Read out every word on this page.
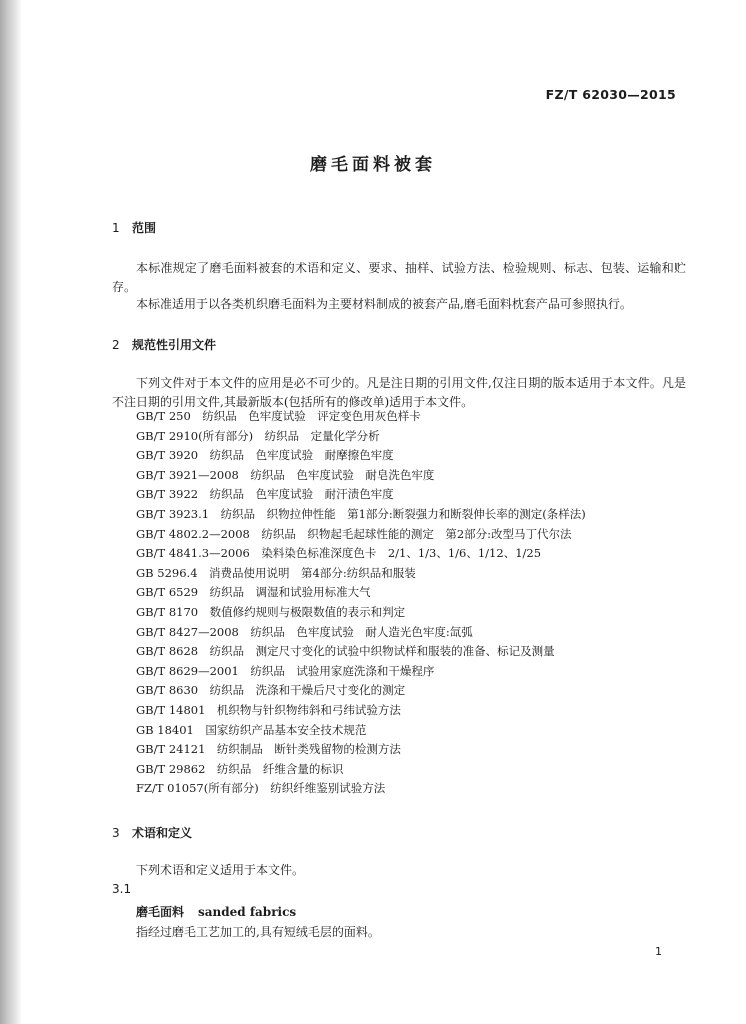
FZ/T 62030—2015
磨毛面料被套
1 范围
本标准规定了磨毛面料被套的术语和定义、要求、抽样、试验方法、检验规则、标志、包装、运输和贮存。
本标准适用于以各类机织磨毛面料为主要材料制成的被套产品,磨毛面料枕套产品可参照执行。
2 规范性引用文件
下列文件对于本文件的应用是必不可少的。凡是注日期的引用文件,仅注日期的版本适用于本文件。凡是不注日期的引用文件,其最新版本(包括所有的修改单)适用于本文件。
GB/T 250　纺织品　色牢度试验　评定变色用灰色样卡
GB/T 2910(所有部分)　纺织品　定量化学分析
GB/T 3920　纺织品　色牢度试验　耐摩擦色牢度
GB/T 3921—2008　纺织品　色牢度试验　耐皂洗色牢度
GB/T 3922　纺织品　色牢度试验　耐汗渍色牢度
GB/T 3923.1　纺织品　织物拉伸性能　第1部分:断裂强力和断裂伸长率的测定(条样法)
GB/T 4802.2—2008　纺织品　织物起毛起球性能的测定　第2部分:改型马丁代尔法
GB/T 4841.3—2006　染料染色标准深度色卡　2/1、1/3、1/6、1/12、1/25
GB 5296.4　消费品使用说明　第4部分:纺织品和服装
GB/T 6529　纺织品　调湿和试验用标准大气
GB/T 8170　数值修约规则与极限数值的表示和判定
GB/T 8427—2008　纺织品　色牢度试验　耐人造光色牢度:氙弧
GB/T 8628　纺织品　测定尺寸变化的试验中织物试样和服装的准备、标记及测量
GB/T 8629—2001　纺织品　试验用家庭洗涤和干燥程序
GB/T 8630　纺织品　洗涤和干燥后尺寸变化的测定
GB/T 14801　机织物与针织物纬斜和弓纬试验方法
GB 18401　国家纺织产品基本安全技术规范
GB/T 24121　纺织制品　断针类残留物的检测方法
GB/T 29862　纺织品　纤维含量的标识
FZ/T 01057(所有部分)　纺织纤维鉴别试验方法
3 术语和定义
下列术语和定义适用于本文件。
3.1
磨毛面料 sanded fabrics
指经过磨毛工艺加工的,具有短绒毛层的面料。
1
